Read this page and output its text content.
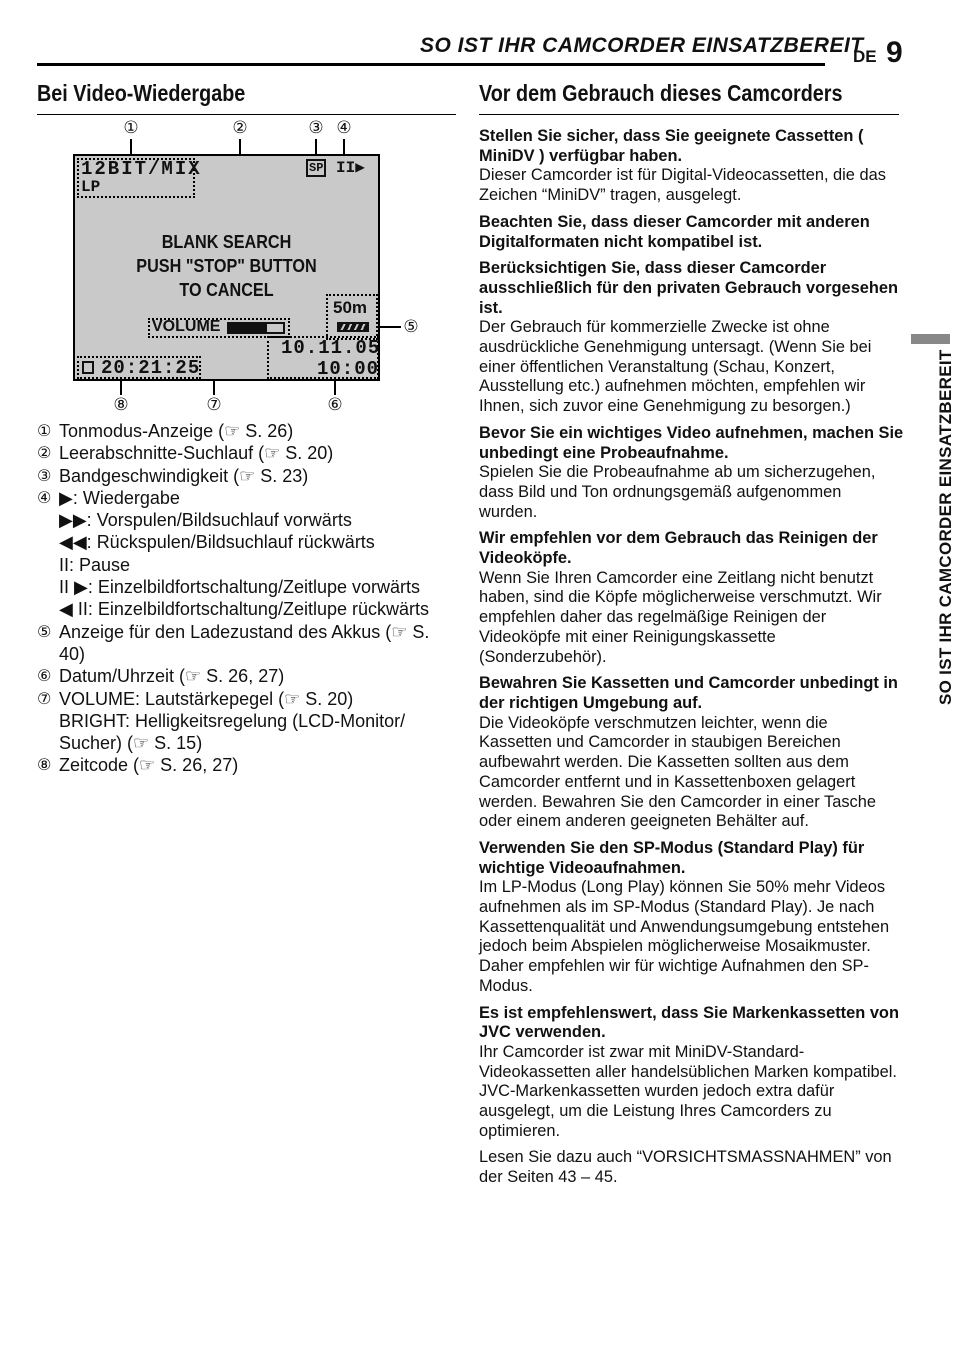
SO IST IHR CAMCORDER EINSATZBEREIT
DE 9
SO IST IHR CAMCORDER EINSATZBEREIT
Bei Video-Wiedergabe	Vor dem Gebrauch dieses Camcorders
①	②	③ ④
⑤
⑥
⑦
⑧
12BIT/MIX
LP
SP II▶
BLANK SEARCH
PUSH "STOP" BUTTON
TO CANCEL
50m
VOLUME
10.11.05
10:00
20:21:25
① Tonmodus-Anzeige (☞ S. 26)
② Leerabschnitte-Suchlauf (☞ S. 20)
③ Bandgeschwindigkeit (☞ S. 23)
④ ▶: Wiedergabe
▶▶: Vorspulen/Bildsuchlauf vorwärts
◀◀: Rückspulen/Bildsuchlauf rückwärts
II: Pause
II ▶: Einzelbildfortschaltung/Zeitlupe vorwärts
◀ II: Einzelbildfortschaltung/Zeitlupe rückwärts
⑤ Anzeige für den Ladezustand des Akkus (☞ S. 40)
⑥ Datum/Uhrzeit (☞ S. 26, 27)
⑦ VOLUME: Lautstärkepegel (☞ S. 20)
BRIGHT: Helligkeitsregelung (LCD-Monitor/ Sucher) (☞ S. 15)
⑧ Zeitcode (☞ S. 26, 27)
Stellen Sie sicher, dass Sie geeignete Cassetten ( MiniDV ) verfügbar haben.
Dieser Camcorder ist für Digital-Videocassetten, die das Zeichen “MiniDV” tragen, ausgelegt.
Beachten Sie, dass dieser Camcorder mit anderen Digitalformaten nicht kompatibel ist.
Berücksichtigen Sie, dass dieser Camcorder ausschließlich für den privaten Gebrauch vorgesehen ist.
Der Gebrauch für kommerzielle Zwecke ist ohne ausdrückliche Genehmigung untersagt. (Wenn Sie bei einer öffentlichen Veranstaltung (Schau, Konzert, Ausstellung etc.) aufnehmen möchten, empfehlen wir Ihnen, sich zuvor eine Genehmigung zu besorgen.)
Bevor Sie ein wichtiges Video aufnehmen, machen Sie unbedingt eine Probeaufnahme.
Spielen Sie die Probeaufnahme ab um sicherzugehen, dass Bild und Ton ordnungsgemäß aufgenommen wurden.
Wir empfehlen vor dem Gebrauch das Reinigen der Videoköpfe.
Wenn Sie Ihren Camcorder eine Zeitlang nicht benutzt haben, sind die Köpfe möglicherweise verschmutzt. Wir empfehlen daher das regelmäßige Reinigen der Videoköpfe mit einer Reinigungskassette (Sonderzubehör).
Bewahren Sie Kassetten und Camcorder unbedingt in der richtigen Umgebung auf.
Die Videoköpfe verschmutzen leichter, wenn die Kassetten und Camcorder in staubigen Bereichen aufbewahrt werden. Die Kassetten sollten aus dem Camcorder entfernt und in Kassettenboxen gelagert werden. Bewahren Sie den Camcorder in einer Tasche oder einem anderen geeigneten Behälter auf.
Verwenden Sie den SP-Modus (Standard Play) für wichtige Videoaufnahmen.
Im LP-Modus (Long Play) können Sie 50% mehr Videos aufnehmen als im SP-Modus (Standard Play). Je nach Kassettenqualität und Anwendungsumgebung entstehen jedoch beim Abspielen möglicherweise Mosaikmuster. Daher empfehlen wir für wichtige Aufnahmen den SP-Modus.
Es ist empfehlenswert, dass Sie Markenkassetten von JVC verwenden.
Ihr Camcorder ist zwar mit MiniDV-Standard-Videokassetten aller handelsüblichen Marken kompatibel. JVC-Markenkassetten wurden jedoch extra dafür ausgelegt, um die Leistung Ihres Camcorders zu optimieren.
Lesen Sie dazu auch “VORSICHTSMASSNAHMEN” von der Seiten 43 – 45.
